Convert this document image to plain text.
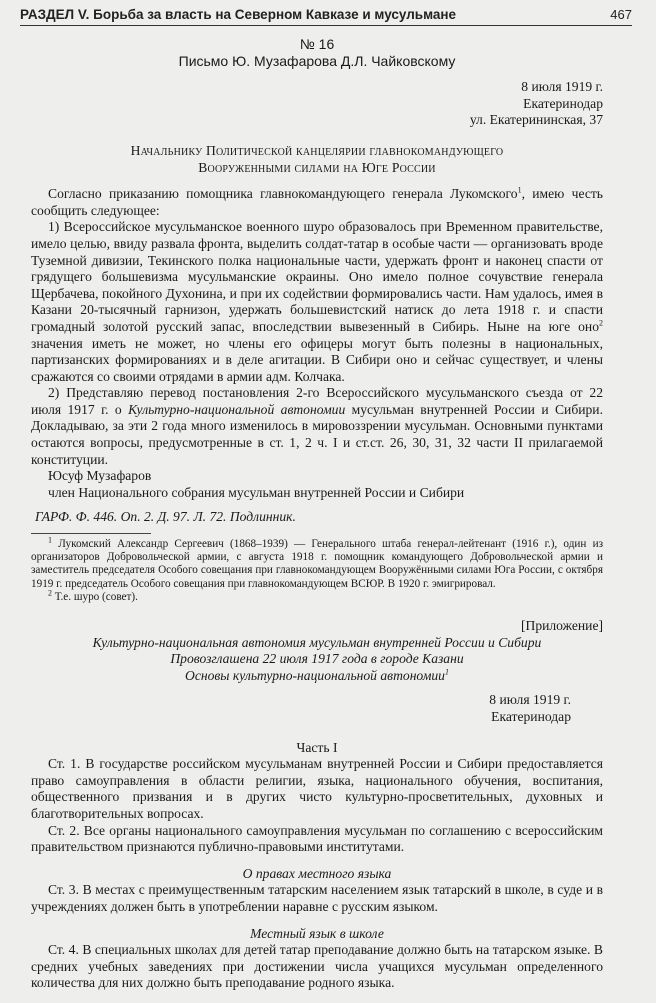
РАЗДЕЛ V. Борьба за власть на Северном Кавказе и мусульмане	467

№ 16

Письмо Ю. Музафарова Д.Л. Чайковскому

8 июля 1919 г.

Екатеринодар

ул. Екатерининская, 37

Начальнику Политической канцелярии главнокомандующего

Вооруженными силами на Юге России

Согласно приказанию помощника главнокомандующего генерала Лукомского$^1$, имею честь сообщить следующее:

1) Всероссийское мусульманское военного шуро образовалось при Временном правительстве, имело целью, ввиду развала фронта, выделить солдат-татар в особые части — организовать вроде Туземной дивизии, Текинского полка национальные части, удержать фронт и наконец спасти от грядущего большевизма мусульманские окраины. Оно имело полное сочувствие генерала Щербачева, покойного Духонина, и при их содействии формировались части. Нам удалось, имея в Казани 20-тысячный гарнизон, удержать большевистский натиск до лета 1918 г. и спасти громадный золотой русский запас, впоследствии вывезенный в Сибирь. Ныне на юге оно$^2$ значения иметь не может, но члены его офицеры могут быть полезны в национальных, партизанских формированиях и в деле агитации. В Сибири оно и сейчас существует, и члены сражаются со своими отрядами в армии адм. Колчака.

2) Представляю перевод постановления 2-го Всероссийского мусульманского съезда от 22 июля 1917 г. о Культурно-национальной автономии мусульман внутренней России и Сибири. Докладываю, за эти 2 года много изменилось в мировоззрении мусульман. Основными пунктами остаются вопросы, предусмотренные в ст. 1, 2 ч. I и ст.ст. 26, 30, 31, 32 части II прилагаемой конституции.

Юсуф Музафаров

член Национального собрания мусульман внутренней России и Сибири

ГАРФ. Ф. 446. Оп. 2. Д. 97. Л. 72. Подлинник.

$^1$ Лукомский Александр Сергеевич (1868–1939) — Генерального штаба генерал-лейтенант (1916 г.), один из организаторов Добровольческой армии, с августа 1918 г. помощник командующего Добровольческой армии и заместитель председателя Особого совещания при главнокомандующем Вооружёнными силами Юга России, с октября 1919 г. председатель Особого совещания при главнокомандующем ВСЮР. В 1920 г. эмигрировал.

$^2$ Т.е. шуро (совет).

[Приложение]

Культурно-национальная автономия мусульман внутренней России и Сибири

Провозглашена 22 июля 1917 года в городе Казани

Основы культурно-национальной автономии$^1$

8 июля 1919 г.

Екатеринодар

Часть I

Ст. 1. В государстве российском мусульманам внутренней России и Сибири предоставляется право самоуправления в области религии, языка, национального обучения, воспитания, общественного призвания и в других чисто культурно-просветительных, духовных и благотворительных вопросах.

Ст. 2. Все органы национального самоуправления мусульман по соглашению с всероссийским правительством признаются публично-правовыми институтами.

О правах местного языка

Ст. 3. В местах с преимущественным татарским населением язык татарский в школе, в суде и в учреждениях должен быть в употреблении наравне с русским языком.

Местный язык в школе

Ст. 4. В специальных школах для детей татар преподавание должно быть на татарском языке. В средних учебных заведениях при достижении числа учащихся мусульман определенного количества для них должно быть преподавание родного языка.
